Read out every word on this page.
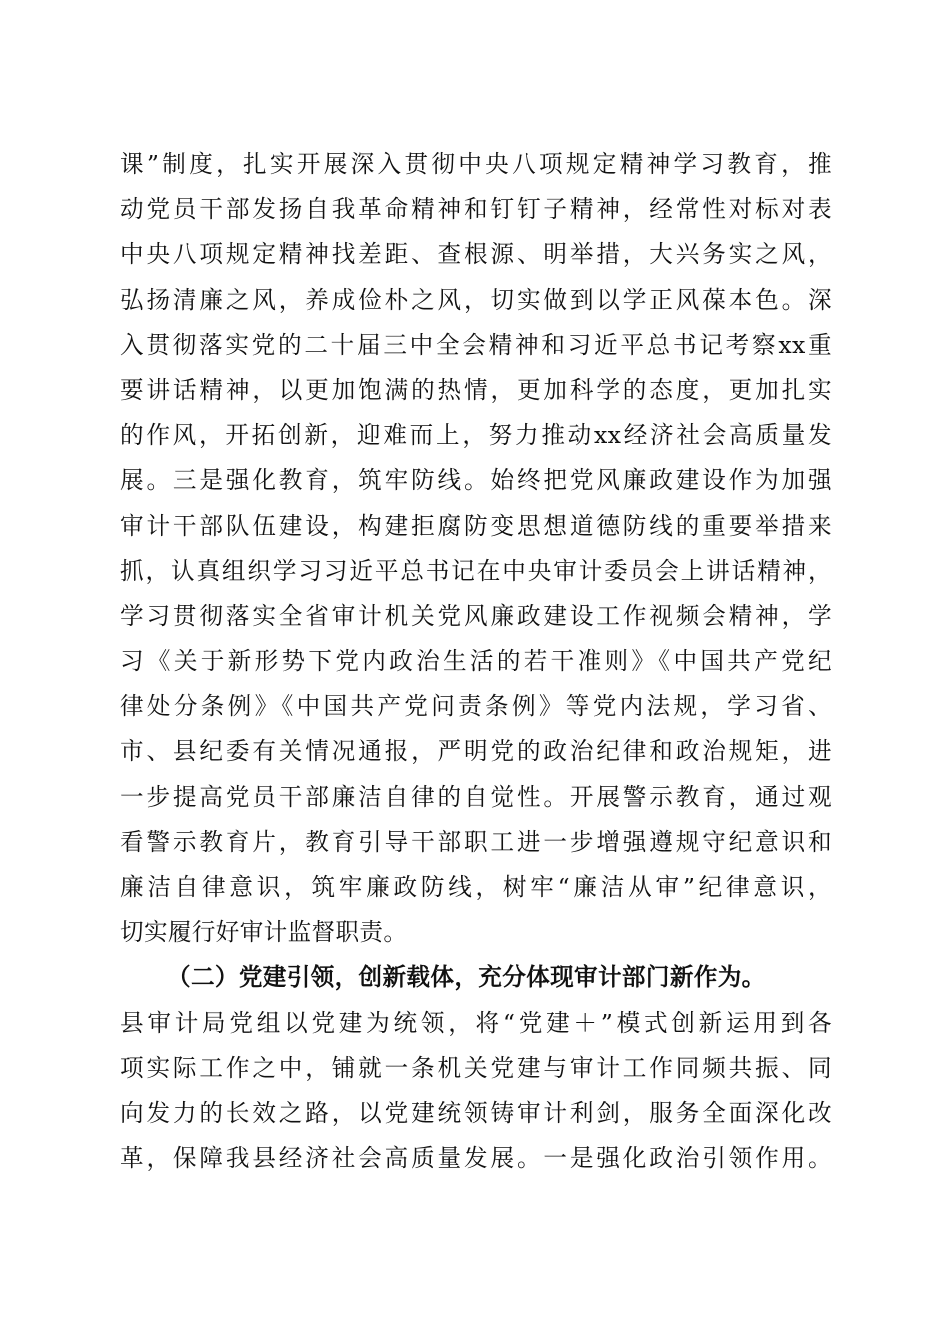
课”制度，扎实开展深入贯彻中央八项规定精神学习教育，推
动党员干部发扬自我革命精神和钉钉子精神，经常性对标对表
中央八项规定精神找差距、查根源、明举措，大兴务实之风，
弘扬清廉之风，养成俭朴之风，切实做到以学正风葆本色。深
入贯彻落实党的二十届三中全会精神和习近平总书记考察xx重
要讲话精神，以更加饱满的热情，更加科学的态度，更加扎实
的作风，开拓创新，迎难而上，努力推动xx经济社会高质量发
展。三是强化教育，筑牢防线。始终把党风廉政建设作为加强
审计干部队伍建设，构建拒腐防变思想道德防线的重要举措来
抓，认真组织学习习近平总书记在中央审计委员会上讲话精神，
学习贯彻落实全省审计机关党风廉政建设工作视频会精神，学
习《关于新形势下党内政治生活的若干准则》《中国共产党纪
律处分条例》《中国共产党问责条例》等党内法规，学习省、
市、县纪委有关情况通报，严明党的政治纪律和政治规矩，进
一步提高党员干部廉洁自律的自觉性。开展警示教育，通过观
看警示教育片，教育引导干部职工进一步增强遵规守纪意识和
廉洁自律意识，筑牢廉政防线，树牢“廉洁从审”纪律意识，
切实履行好审计监督职责。
（二）党建引领，创新载体，充分体现审计部门新作为。
县审计局党组以党建为统领，将“党建＋”模式创新运用到各
项实际工作之中，铺就一条机关党建与审计工作同频共振、同
向发力的长效之路，以党建统领铸审计利剑，服务全面深化改
革，保障我县经济社会高质量发展。一是强化政治引领作用。
